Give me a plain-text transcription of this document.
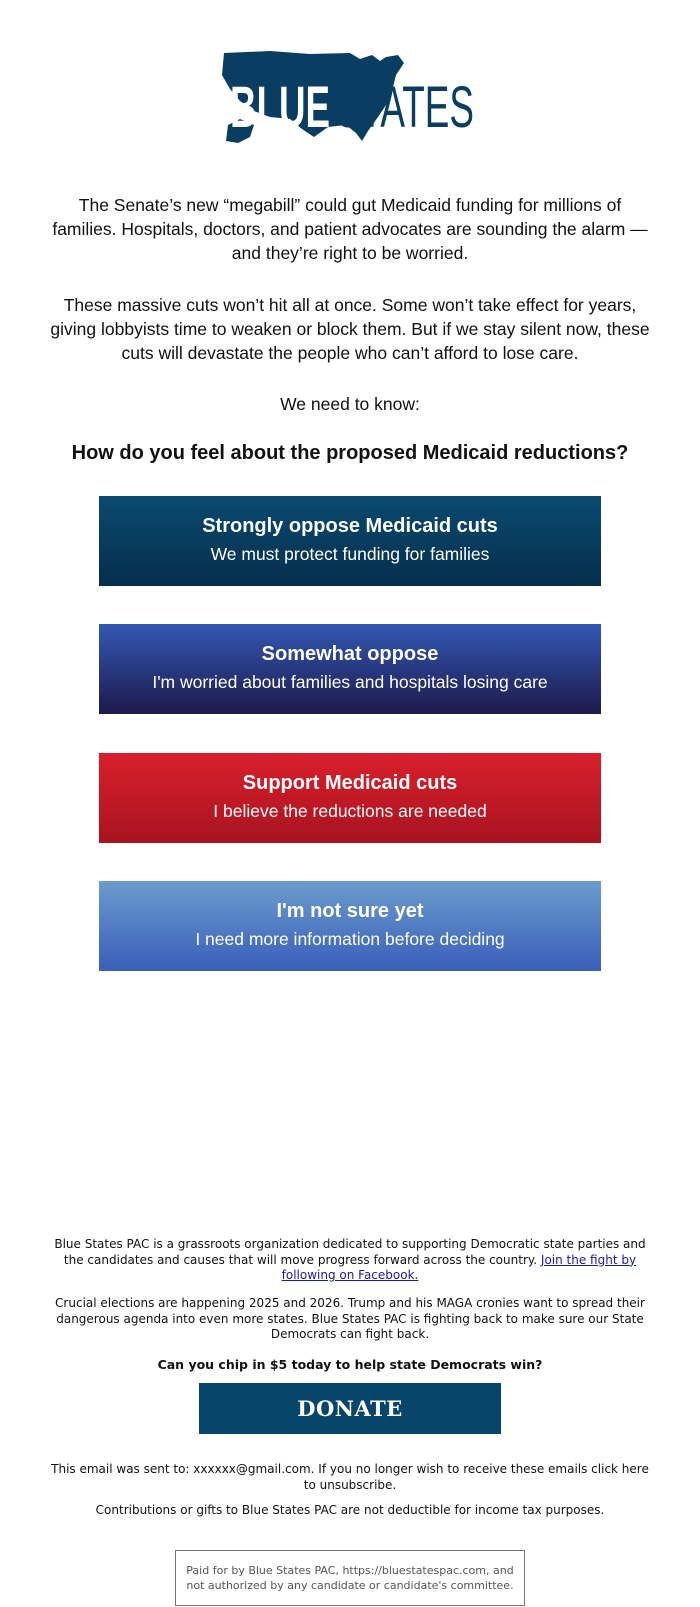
BLUE STATES

The Senate’s new “megabill” could gut Medicaid funding for millions of families. Hospitals, doctors, and patient advocates are sounding the alarm — and they’re right to be worried.

These massive cuts won’t hit all at once. Some won’t take effect for years, giving lobbyists time to weaken or block them. But if we stay silent now, these cuts will devastate the people who can’t afford to lose care.

We need to know:

How do you feel about the proposed Medicaid reductions?

Strongly oppose Medicaid cuts
We must protect funding for families
Somewhat oppose
I'm worried about families and hospitals losing care
Support Medicaid cuts
I believe the reductions are needed
I'm not sure yet
I need more information before deciding

Blue States PAC is a grassroots organization dedicated to supporting Democratic state parties and the candidates and causes that will move progress forward across the country. Join the fight by following on Facebook.

Crucial elections are happening 2025 and 2026. Trump and his MAGA cronies want to spread their dangerous agenda into even more states. Blue States PAC is fighting back to make sure our State Democrats can fight back.

Can you chip in $5 today to help state Democrats win?

DONATE

This email was sent to: xxxxxx@gmail.com. If you no longer wish to receive these emails click here to unsubscribe.

Contributions or gifts to Blue States PAC are not deductible for income tax purposes.

Paid for by Blue States PAC, https://bluestatespac.com, and not authorized by any candidate or candidate's committee.
